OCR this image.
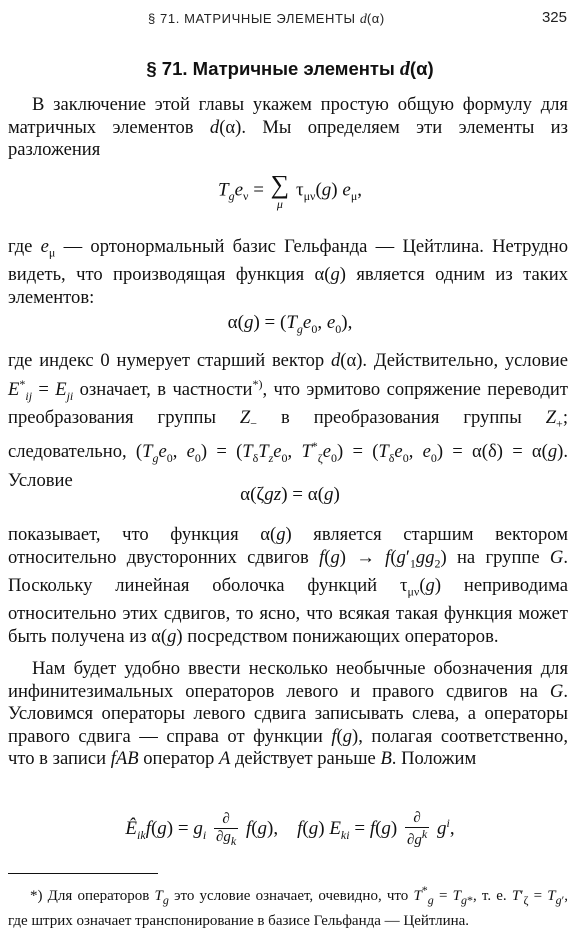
§ 71. МАТРИЧНЫЕ ЭЛЕМЕНТЫ d(α)	325
§ 71. Матричные элементы d(α)
В заключение этой главы укажем простую общую формулу для матричных элементов d(α). Мы определяем эти элементы из разложения
$T_ge_\nu$ = ∑
μ
$\tau_{\mu\nu}(g)$ $e_\mu$,
где $e_\mu$ — ортонормальный базис Гельфанда — Цейтлина. Нетрудно видеть, что производящая функция α(g) является одним из таких элементов:
$\alpha(g) = (T_ge_0$, $e_0$),
где индекс 0 нумерует старший вектор d(α). Действительно, условие $E^*_{ij} = E_{ji}$ означает, в частности*), что эрмитово сопряжение переводит преобразования группы $Z_-$ в преобразования группы $Z_+$; следовательно, ($T_ge_0$, $e_0) = (T_\delta T_ze_0$, $T^*_\zeta e_0) = (T_\delta e_0$, $e_0) = \alpha(\delta) = \alpha(g)$. Условие
α(ζgz) = α(g)
показывает, что функция α(g) является старшим вектором относительно двусторонних сдвигов $f(g) \to f(g'_1gg_2)$ на группе G. Поскольку линейная оболочка функций $\tau_{\mu\nu}(g)$ неприводима относительно этих сдвигов, то ясно, что всякая такая функция может быть получена из α(g) посредством понижающих операторов.
Нам будет удобно ввести несколько необычные обозначения для инфинитезимальных операторов левого и правого сдвигов на G. Условимся операторы левого сдвига записывать слева, а операторы правого сдвига — справа от функции f(g), полагая соответственно, что в записи fAB оператор A действует раньше B. Положим
$Ê_{ik}f(g) = g_i \frac{\partial}{\partial g_k} f(g)$,    f(g) $E_{ki} = f(g) \frac{\partial}{\partial g^k} g^i$,
*) Для операторов $T_g$ это условие означает, очевидно, что $T^*_g = T_{g*}$, т. е. $T'_\zeta = T_{g'}$, где штрих означает транспонирование в базисе Гельфанда — Цейтлина.
